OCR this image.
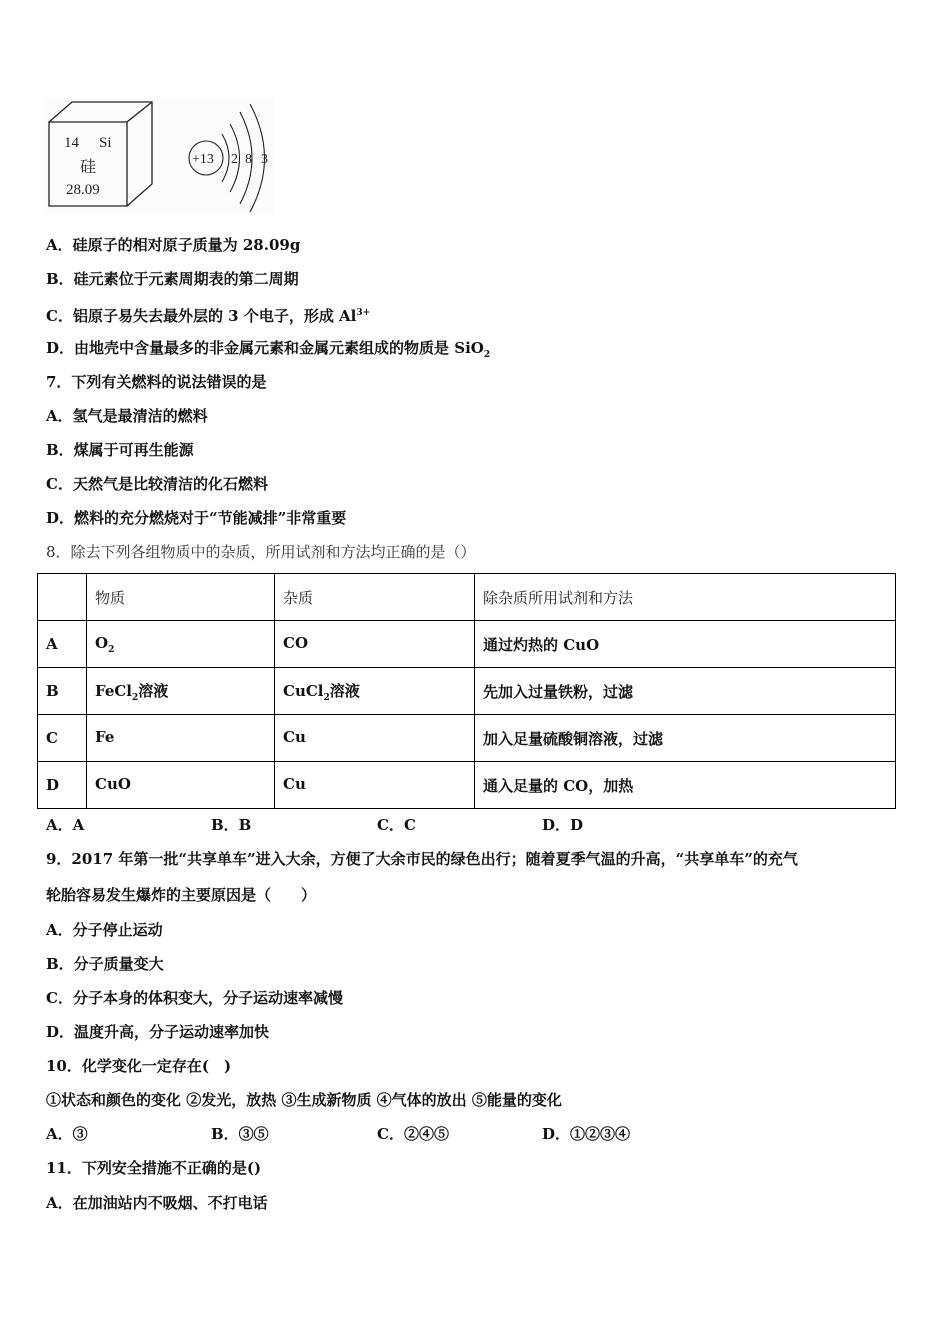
14 Si
硅
28.09
+13 2 8 3
A．硅原子的相对原子质量为 28.09g
B．硅元素位于元素周期表的第二周期
C．铝原子易失去最外层的 3 个电子，形成 $Al^{3+}$
D．由地壳中含量最多的非金属元素和金属元素组成的物质是 SiO$_2$
7．下列有关燃料的说法错误的是
A．氢气是最清洁的燃料
B．煤属于可再生能源
C．天然气是比较清洁的化石燃料
D．燃料的充分燃烧对于“节能减排”非常重要
8．除去下列各组物质中的杂质，所用试剂和方法均正确的是（）
	物质	杂质	除杂质所用试剂和方法
A	$O_2$	CO	通过灼热的 CuO
B	FeCl$_2$溶液	CuCl$_2$溶液	先加入过量铁粉，过滤
C	Fe	Cu	加入足量硫酸铜溶液，过滤
D	CuO	Cu	通入足量的 CO，加热
A．A	B．B	C．C	D．D
9．2017 年第一批“共享单车”进入大余，方便了大余市民的绿色出行；随着夏季气温的升高，“共享单车”的充气
轮胎容易发生爆炸的主要原因是（　　）
A．分子停止运动
B．分子质量变大
C．分子本身的体积变大，分子运动速率减慢
D．温度升高，分子运动速率加快
10．化学变化一定存在(　)
①状态和颜色的变化 ②发光，放热 ③生成新物质 ④气体的放出 ⑤能量的变化
A．③	B．③⑤	C．②④⑤	D．①②③④
11．下列安全措施不正确的是()
A．在加油站内不吸烟、不打电话
